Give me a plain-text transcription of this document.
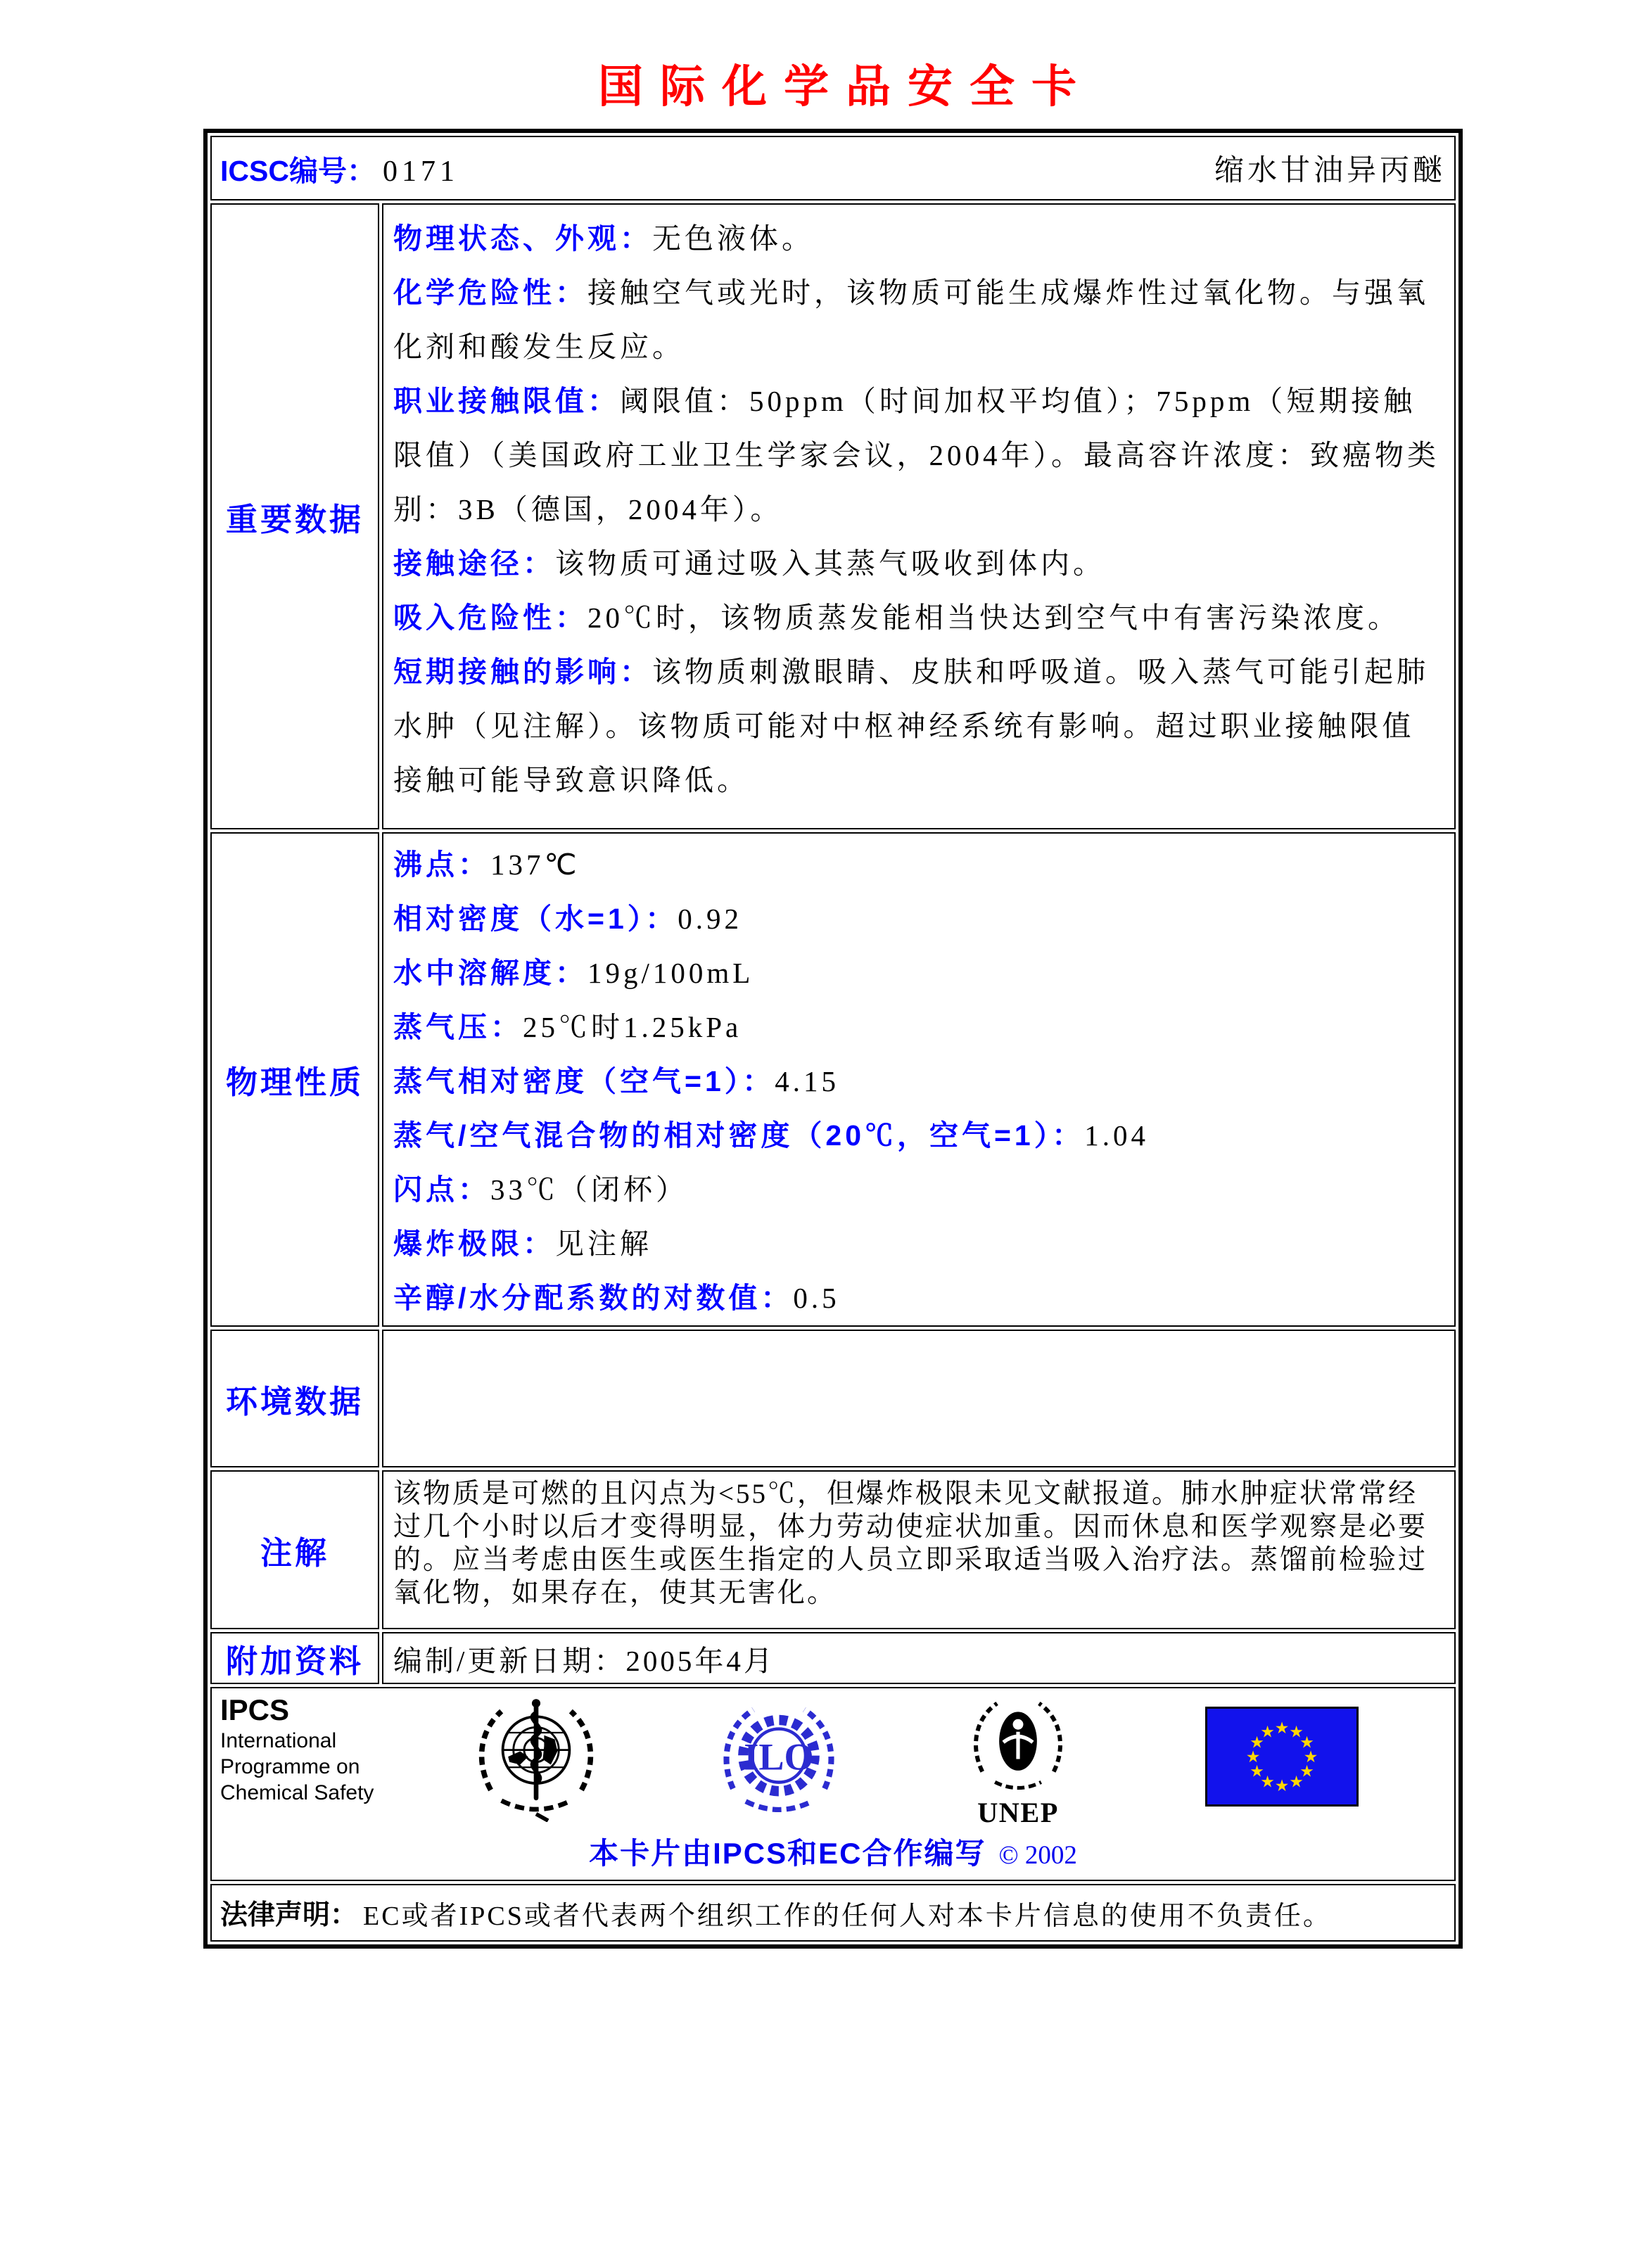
国际化学品安全卡
ICSC编号： 0171 缩水甘油异丙醚	

重要数据	
物理状态、外观：无色液体。
化学危险性：接触空气或光时，该物质可能生成爆炸性过氧化物。与强氧化剂和酸发生反应。
职业接触限值：阈限值：50ppm（时间加权平均值）；75ppm（短期接触限值）（美国政府工业卫生学家会议，2004年）。最高容许浓度：致癌物类别：3B（德国，2004年）。
接触途径：该物质可通过吸入其蒸气吸收到体内。
吸入危险性：20℃时，该物质蒸发能相当快达到空气中有害污染浓度。
短期接触的影响：该物质刺激眼睛、皮肤和呼吸道。吸入蒸气可能引起肺水肿（见注解）。该物质可能对中枢神经系统有影响。超过职业接触限值接触可能导致意识降低。

物理性质	
沸点：137℃
相对密度（水=1）：0.92
水中溶解度：19g/100mL
蒸气压：25℃时1.25kPa
蒸气相对密度（空气=1）：4.15
蒸气/空气混合物的相对密度（20℃，空气=1）：1.04
闪点：33℃（闭杯）
爆炸极限：见注解
辛醇/水分配系数的对数值：0.5

环境数据	

注解	该物质是可燃的且闪点为<55℃，但爆炸极限未见文献报道。肺水肿症状常常经过几个小时以后才变得明显，体力劳动使症状加重。因而休息和医学观察是必要的。应当考虑由医生或医生指定的人员立即采取适当吸入治疗法。蒸馏前检验过氧化物，如果存在，使其无害化。

附加资料	编制/更新日期：2005年4月

IPCS
International
Programme on
Chemical Safety
ILO
UNEP
★ ★
★
★
★
★
★
★
★
★
★
★
本卡片由IPCS和EC合作编写 © 2002

法律声明： EC或者IPCS或者代表两个组织工作的任何人对本卡片信息的使用不负责任。	
